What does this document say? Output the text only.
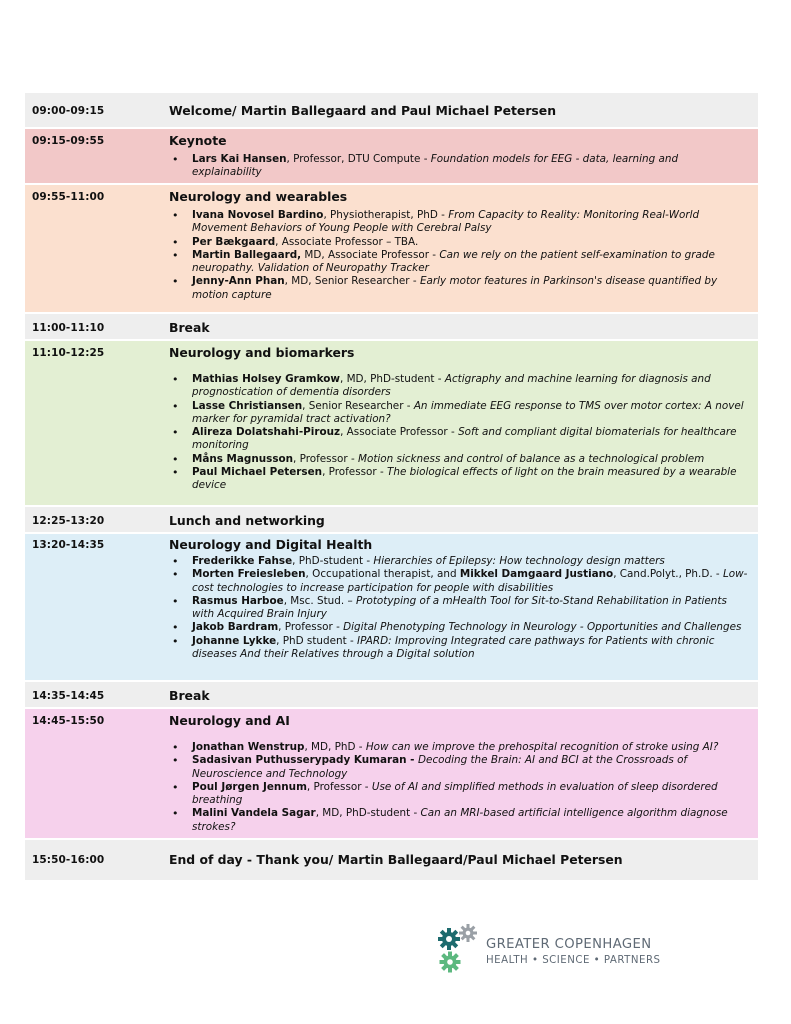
09:00-09:15	Welcome/ Martin Ballegaard and Paul Michael Petersen
09:15-09:55	Keynote
• Lars Kai Hansen, Professor, DTU Compute - Foundation models for EEG - data, learning and explainability
09:55-11:00	Neurology and wearables
• Ivana Novosel Bardino, Physiotherapist, PhD - From Capacity to Reality: Monitoring Real-World Movement Behaviors of Young People with Cerebral Palsy
• Per Bækgaard, Associate Professor – TBA.
• Martin Ballegaard, MD, Associate Professor - Can we rely on the patient self-examination to grade neuropathy. Validation of Neuropathy Tracker
• Jenny-Ann Phan, MD, Senior Researcher - Early motor features in Parkinson's disease quantified by motion capture
11:00-11:10	Break
11:10-12:25	Neurology and biomarkers
• Mathias Holsey Gramkow, MD, PhD-student - Actigraphy and machine learning for diagnosis and prognostication of dementia disorders
• Lasse Christiansen, Senior Researcher - An immediate EEG response to TMS over motor cortex: A novel marker for pyramidal tract activation?
• Alireza Dolatshahi-Pirouz, Associate Professor - Soft and compliant digital biomaterials for healthcare monitoring
• Måns Magnusson, Professor - Motion sickness and control of balance as a technological problem
• Paul Michael Petersen, Professor - The biological effects of light on the brain measured by a wearable device
12:25-13:20	Lunch and networking
13:20-14:35	Neurology and Digital Health
• Frederikke Fahse, PhD-student - Hierarchies of Epilepsy: How technology design matters
• Morten Freiesleben, Occupational therapist, and Mikkel Damgaard Justiano, Cand.Polyt., Ph.D. - Low-cost technologies to increase participation for people with disabilities
• Rasmus Harboe, Msc. Stud. – Prototyping of a mHealth Tool for Sit-to-Stand Rehabilitation in Patients with Acquired Brain Injury
• Jakob Bardram, Professor - Digital Phenotyping Technology in Neurology - Opportunities and Challenges
• Johanne Lykke, PhD student - IPARD: Improving Integrated care pathways for Patients with chronic diseases And their Relatives through a Digital solution
14:35-14:45	Break
14:45-15:50	Neurology and AI
• Jonathan Wenstrup, MD, PhD - How can we improve the prehospital recognition of stroke using AI?
• Sadasivan Puthusserypady Kumaran - Decoding the Brain: AI and BCI at the Crossroads of Neuroscience and Technology
• Poul Jørgen Jennum, Professor - Use of AI and simplified methods in evaluation of sleep disordered breathing
• Malini Vandela Sagar, MD, PhD-student - Can an MRI-based artificial intelligence algorithm diagnose strokes?
15:50-16:00	End of day - Thank you/ Martin Ballegaard/Paul Michael Petersen
GREATER COPENHAGEN
HEALTH • SCIENCE • PARTNERS
